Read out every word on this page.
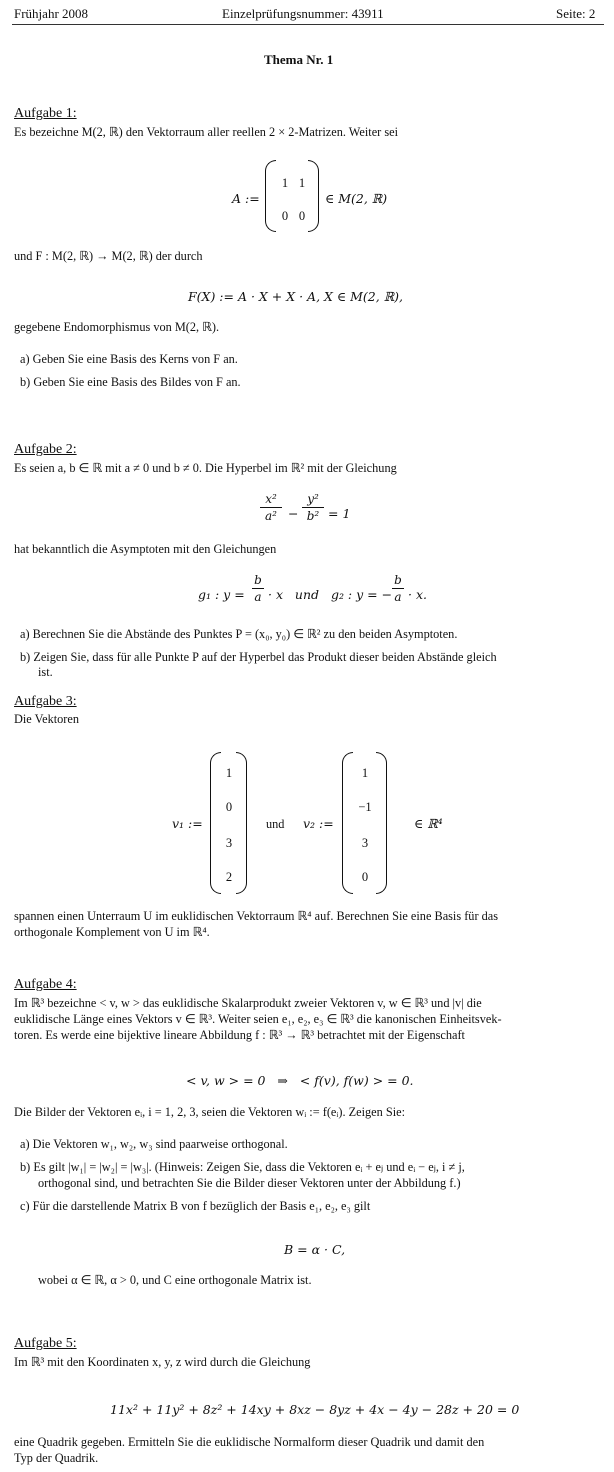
Frühjahr 2008	Einzelprüfungsnummer: 43911	Seite: 2
Thema Nr. 1
Aufgabe 1:
Es bezeichne M(2, ℝ) den Vektorraum aller reellen 2 × 2-Matrizen. Weiter sei
A :=
1 1
0 0
∈ M(2, ℝ)
und F : M(2, ℝ) → M(2, ℝ) der durch
F(X) := A · X + X · A, X ∈ M(2, ℝ),
gegebene Endomorphismus von M(2, ℝ).
a) Geben Sie eine Basis des Kerns von F an.
b) Geben Sie eine Basis des Bildes von F an.
Aufgabe 2:
Es seien a, b ∈ ℝ mit a ≠ 0 und b ≠ 0. Die Hyperbel im ℝ² mit der Gleichung
x²
a² −
y²
b² = 1
hat bekanntlich die Asymptoten mit den Gleichungen
g₁ : y =
b
a · x   und   g₂ : y = −
b
a · x.
a) Berechnen Sie die Abstände des Punktes P = (x₀, y₀) ∈ ℝ² zu den beiden Asymptoten.
b) Zeigen Sie, dass für alle Punkte P auf der Hyperbel das Produkt dieser beiden Abstände gleich
ist.
Aufgabe 3:
Die Vektoren
v₁ :=
1
0
3
2
und v₂ :=
1
−1
3
0
∈ ℝ⁴
spannen einen Unterraum U im euklidischen Vektorraum ℝ⁴ auf. Berechnen Sie eine Basis für das
orthogonale Komplement von U im ℝ⁴.
Aufgabe 4:
Im ℝ³ bezeichne < v, w > das euklidische Skalarprodukt zweier Vektoren v, w ∈ ℝ³ und |v| die
euklidische Länge eines Vektors v ∈ ℝ³. Weiter seien e₁, e₂, e₃ ∈ ℝ³ die kanonischen Einheitsvek-
toren. Es werde eine bijektive lineare Abbildung f : ℝ³ → ℝ³ betrachtet mit der Eigenschaft
< v, w > = 0   ⇒   < f(v), f(w) > = 0.
Die Bilder der Vektoren eᵢ, i = 1, 2, 3, seien die Vektoren wᵢ := f(eᵢ). Zeigen Sie:
a) Die Vektoren w₁, w₂, w₃ sind paarweise orthogonal.
b) Es gilt |w₁| = |w₂| = |w₃|. (Hinweis: Zeigen Sie, dass die Vektoren eᵢ + eⱼ und eᵢ − eⱼ, i ≠ j,
orthogonal sind, und betrachten Sie die Bilder dieser Vektoren unter der Abbildung f.)
c) Für die darstellende Matrix B von f bezüglich der Basis e₁, e₂, e₃ gilt
B = α · C,
wobei α ∈ ℝ, α > 0, und C eine orthogonale Matrix ist.
Aufgabe 5:
Im ℝ³ mit den Koordinaten x, y, z wird durch die Gleichung
11x² + 11y² + 8z² + 14xy + 8xz − 8yz + 4x − 4y − 28z + 20 = 0
eine Quadrik gegeben. Ermitteln Sie die euklidische Normalform dieser Quadrik und damit den
Typ der Quadrik.
